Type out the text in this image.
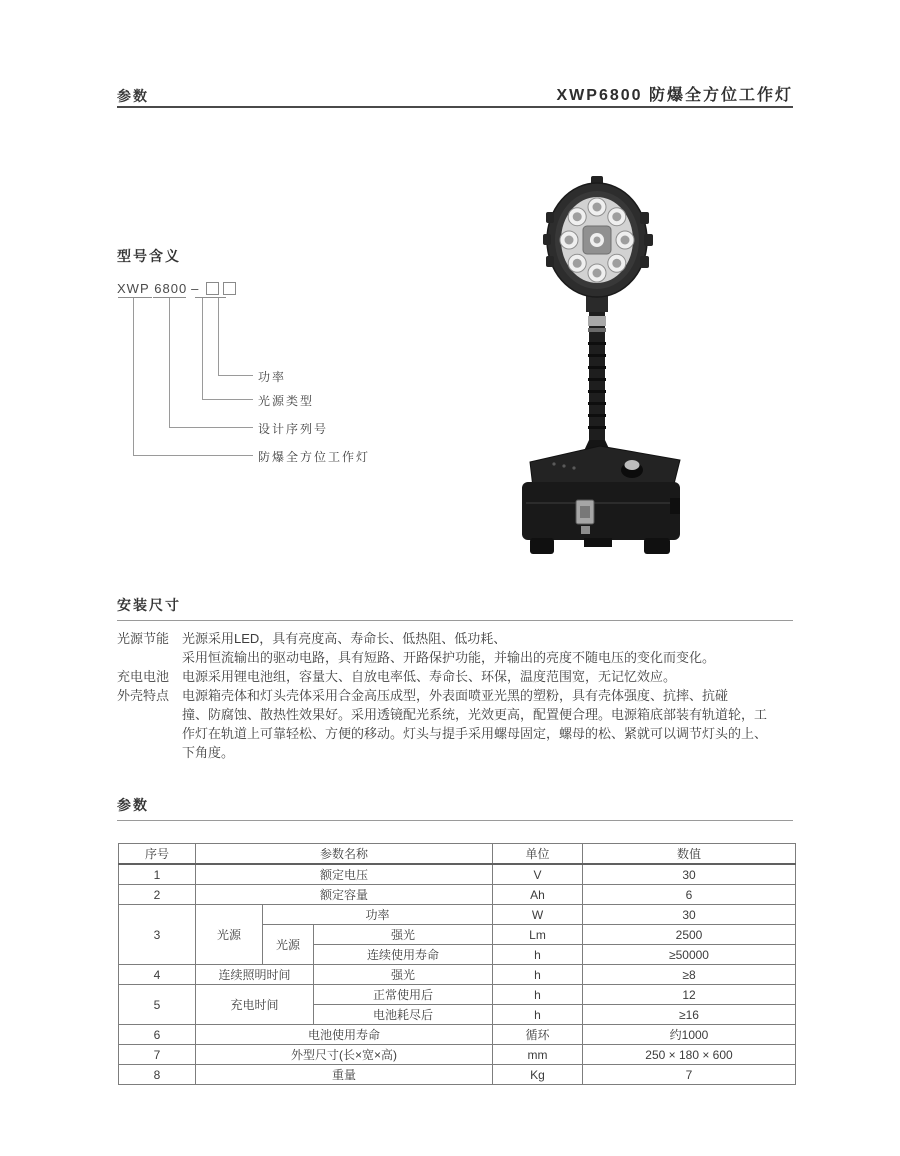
参数	XWP6800 防爆全方位工作灯
型号含义
XWP
6800 –
功率
光源类型
设计序列号
防爆全方位工作灯
安装尺寸
光源节能 光源采用LED，具有亮度高、寿命长、低热阻、低功耗、
采用恒流输出的驱动电路，具有短路、开路保护功能，并输出的亮度不随电压的变化而变化。
充电电池 电源采用锂电池组，容量大、自放电率低、寿命长、环保，温度范围宽，无记忆效应。
外壳特点 电源箱壳体和灯头壳体采用合金高压成型，外表面喷亚光黑的塑粉，具有壳体强度、抗摔、抗碰
撞、防腐蚀、散热性效果好。采用透镜配光系统，光效更高，配置便合理。电源箱底部装有轨道轮，工
作灯在轨道上可靠轻松、方便的移动。灯头与提手采用螺母固定，螺母的松、紧就可以调节灯头的上、
下角度。
参数
序号	参数名称			单位	数值
1	额定电压			V	30
2	额定容量			Ah	6
3	光源	功率		W	30
		光源	强光	Lm	2500
			连续使用寿命	h	≥50000
4	连续照明时间		强光	h	≥8
5	充电时间		正常使用后	h	12
			电池耗尽后	h	≥16
6	电池使用寿命			循环	约1000
7	外型尺寸(长×宽×高)			mm	250 × 180 × 600
8	重量			Kg	7
